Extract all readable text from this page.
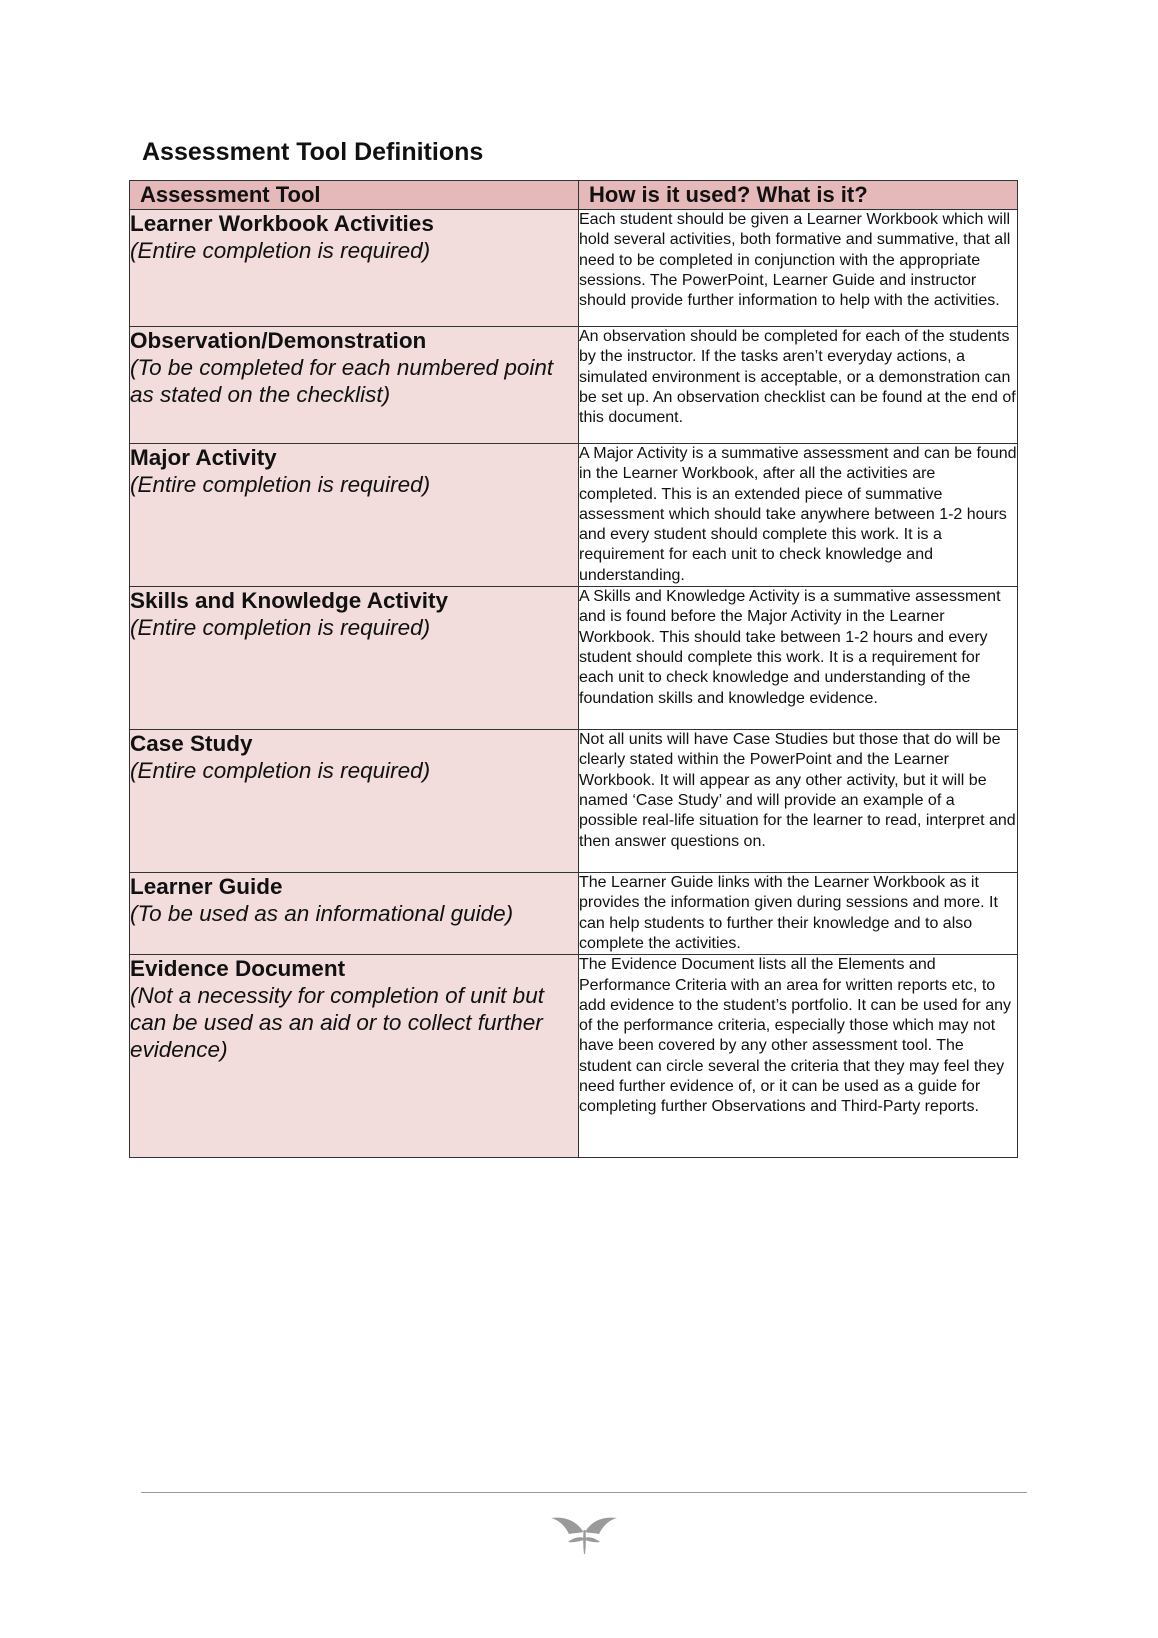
Assessment Tool Definitions
Assessment Tool	How is it used? What is it?

Learner Workbook Activities
(Entire completion is required)	Each student should be given a Learner Workbook which will hold several activities, both formative and summative, that all need to be completed in conjunction with the appropriate sessions. The PowerPoint, Learner Guide and instructor should provide further information to help with the activities.

Observation/Demonstration
(To be completed for each numbered point as stated on the checklist)	An observation should be completed for each of the students by the instructor. If the tasks aren’t everyday actions, a simulated environment is acceptable, or a demonstration can be set up. An observation checklist can be found at the end of this document.

Major Activity
(Entire completion is required)	A Major Activity is a summative assessment and can be found in the Learner Workbook, after all the activities are completed. This is an extended piece of summative assessment which should take anywhere between 1-2 hours and every student should complete this work. It is a requirement for each unit to check knowledge and understanding.

Skills and Knowledge Activity
(Entire completion is required)	A Skills and Knowledge Activity is a summative assessment and is found before the Major Activity in the Learner Workbook. This should take between 1-2 hours and every student should complete this work. It is a requirement for each unit to check knowledge and understanding of the foundation skills and knowledge evidence.

Case Study
(Entire completion is required)	Not all units will have Case Studies but those that do will be clearly stated within the PowerPoint and the Learner Workbook. It will appear as any other activity, but it will be named ‘Case Study’ and will provide an example of a possible real-life situation for the learner to read, interpret and then answer questions on.

Learner Guide
(To be used as an informational guide)	The Learner Guide links with the Learner Workbook as it provides the information given during sessions and more. It can help students to further their knowledge and to also complete the activities.

Evidence Document
(Not a necessity for completion of unit but can be used as an aid or to collect further evidence)	The Evidence Document lists all the Elements and Performance Criteria with an area for written reports etc, to add evidence to the student’s portfolio. It can be used for any of the performance criteria, especially those which may not have been covered by any other assessment tool. The student can circle several the criteria that they may feel they need further evidence of, or it can be used as a guide for completing further Observations and Third-Party reports.
